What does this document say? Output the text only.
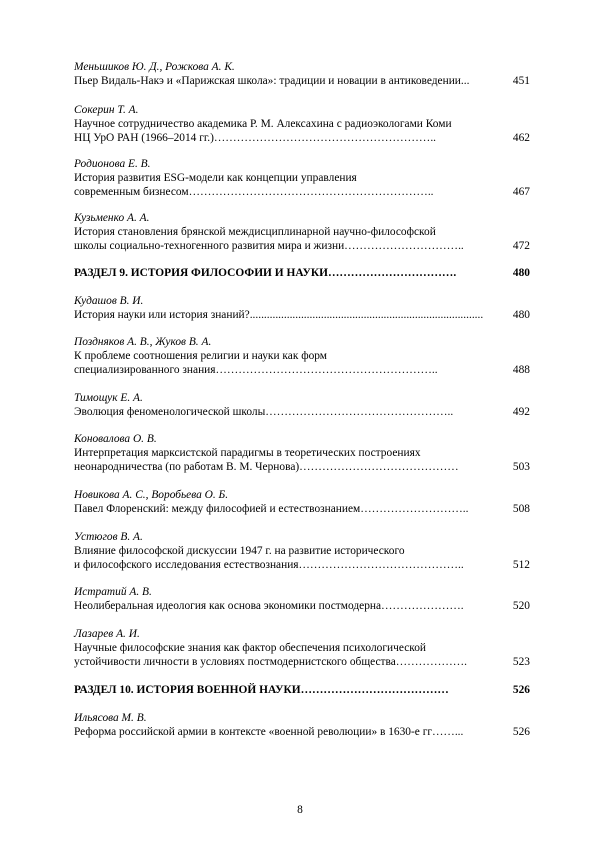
Меньшиков Ю. Д., Рожкова А. К.
Пьер Видаль-Накэ и «Парижская школа»: традиции и новации в антиковедении...	451
Сокерин Т. А.
Научное сотрудничество академика Р. М. Алексахина с радиоэкологами Коми
НЦ УрО РАН (1966–2014 гг.)…………………………………………………..	462
Родионова Е. В.
История развития ESG-модели как концепции управления
современным бизнесом………………………………………………………..	467
Кузьменко А. А.
История становления брянской междисциплинарной научно-философской
школы социально-техногенного развития мира и жизни…………………………..	472
РАЗДЕЛ 9. ИСТОРИЯ ФИЛОСОФИИ И НАУКИ…………………………….	480
Кудашов В. И.
История науки или история знаний?..................................................................................	480
Поздняков А. В., Жуков В. А.
К проблеме соотношения религии и науки как форм
специализированного знания…………………………………………………..	488
Тимощук Е. А.
Эволюция феноменологической школы…………………………………………..	492
Коновалова О. В.
Интерпретация марксистской парадигмы в теоретических построениях
неонародничества (по работам В. М. Чернова)……………………………………	503
Новикова А. С., Воробьева О. Б.
Павел Флоренский: между философией и естествознанием………………………..	508
Устюгов В. А.
Влияние философской дискуссии 1947 г. на развитие исторического
и философского исследования естествознания……………………………………..	512
Истратий А. В.
Неолиберальная идеология как основа экономики постмодерна………………….	520
Лазарев А. И.
Научные философские знания как фактор обеспечения психологической
устойчивости личности в условиях постмодернистского общества……………….	523
РАЗДЕЛ 10. ИСТОРИЯ ВОЕННОЙ НАУКИ…………………………………	526
Ильясова М. В.
Реформа российской армии в контексте «военной революции» в 1630-е гг……...	526
8
